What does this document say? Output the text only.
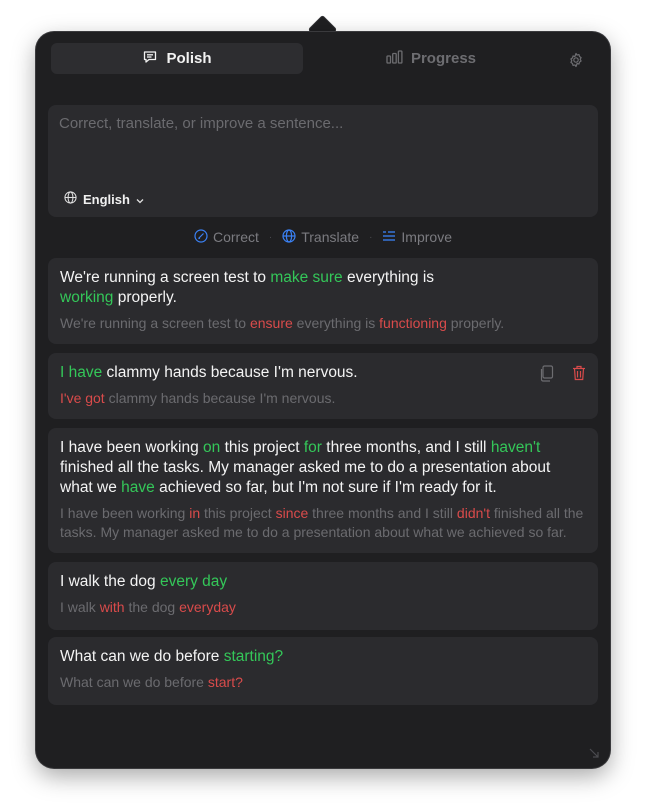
Polish	Progress
Correct, translate, or improve a sentence...
English
Correct · Translate · Improve
We're running a screen test to make sure everything is working properly.
We're running a screen test to ensure everything is functioning properly.
I have clammy hands because I'm nervous.
I've got clammy hands because I'm nervous.
I have been working on this project for three months, and I still haven't finished all the tasks. My manager asked me to do a presentation about what we have achieved so far, but I'm not sure if I'm ready for it.
I have been working in this project since three months and I still didn't finished all the tasks. My manager asked me to do a presentation about what we achieved so far.
I walk the dog every day
I walk with the dog everyday
What can we do before starting?
What can we do before start?
